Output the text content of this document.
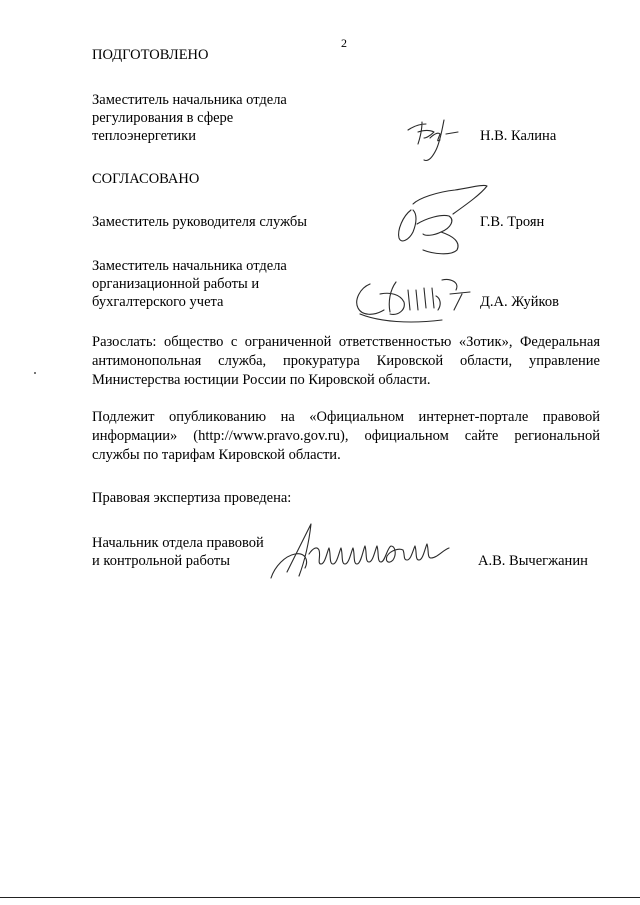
2
ПОДГОТОВЛЕНО
Заместитель начальника отдела
регулирования в сфере
теплоэнергетики	Н.В. Калина
СОГЛАСОВАНО
Заместитель руководителя службы	Г.В. Троян
Заместитель начальника отдела
организационной работы и
бухгалтерского учета	Д.А. Жуйков
Разослать: общество с ограниченной ответственностью «Зотик», Федеральная антимонопольная служба, прокуратура Кировской области, управление Министерства юстиции России по Кировской области.
Подлежит опубликованию на «Официальном интернет-портале правовой информации» (http://www.pravo.gov.ru), официальном сайте региональной службы по тарифам Кировской области.
Правовая экспертиза проведена:
Начальник отдела правовой
и контрольной работы	А.В. Вычегжанин
